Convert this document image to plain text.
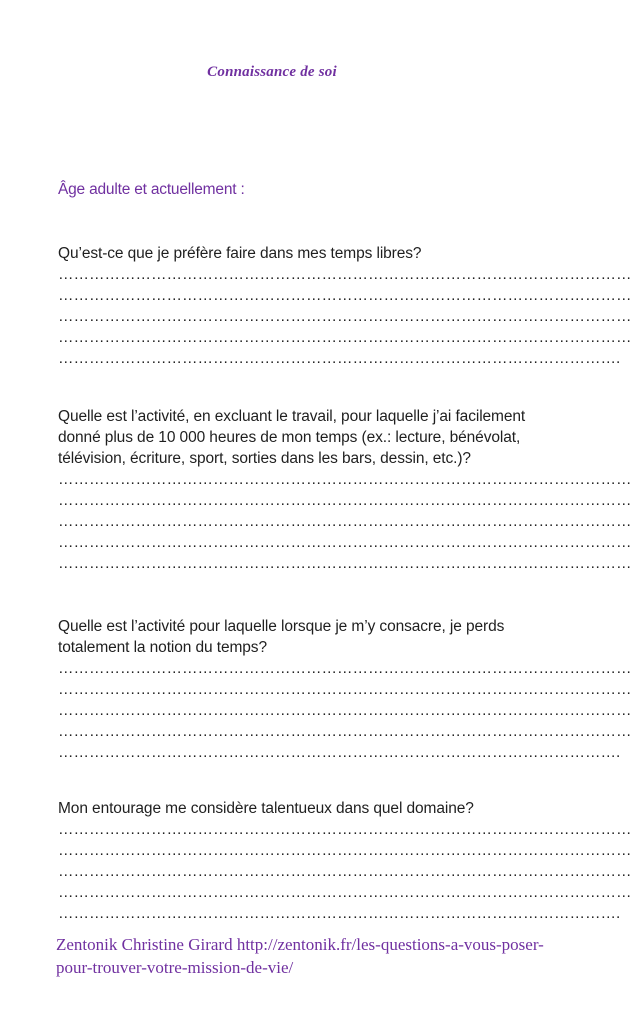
Connaissance de soi
Âge adulte et actuellement :
Qu’est-ce que je préfère faire dans mes temps libres?
…………………………………………………………………………………………………
…………………………………………………………………………………………………
…………………………………………………………………………………………………
…………………………………………………………………………………………………
……………………………………………………………………………………………….
Quelle est l’activité, en excluant le travail, pour laquelle j’ai facilement donné plus de 10 000 heures de mon temps (ex.: lecture, bénévolat, télévision, écriture, sport, sorties dans les bars, dessin, etc.)?
…………………………………………………………………………………………………
…………………………………………………………………………………………………
…………………………………………………………………………………………………
…………………………………………………………………………………………………
…………………………………………………………………………………………………
Quelle est l’activité pour laquelle lorsque je m’y consacre, je perds totalement la notion du temps?
…………………………………………………………………………………………………
…………………………………………………………………………………………………
…………………………………………………………………………………………………
…………………………………………………………………………………………………
……………………………………………………………………………………………….
Mon entourage me considère talentueux dans quel domaine?
…………………………………………………………………………………………………
…………………………………………………………………………………………………
…………………………………………………………………………………………………
…………………………………………………………………………………………………
……………………………………………………………………………………………….
Zentonik Christine Girard http://zentonik.fr/les-questions-a-vous-poser-pour-trouver-votre-mission-de-vie/
